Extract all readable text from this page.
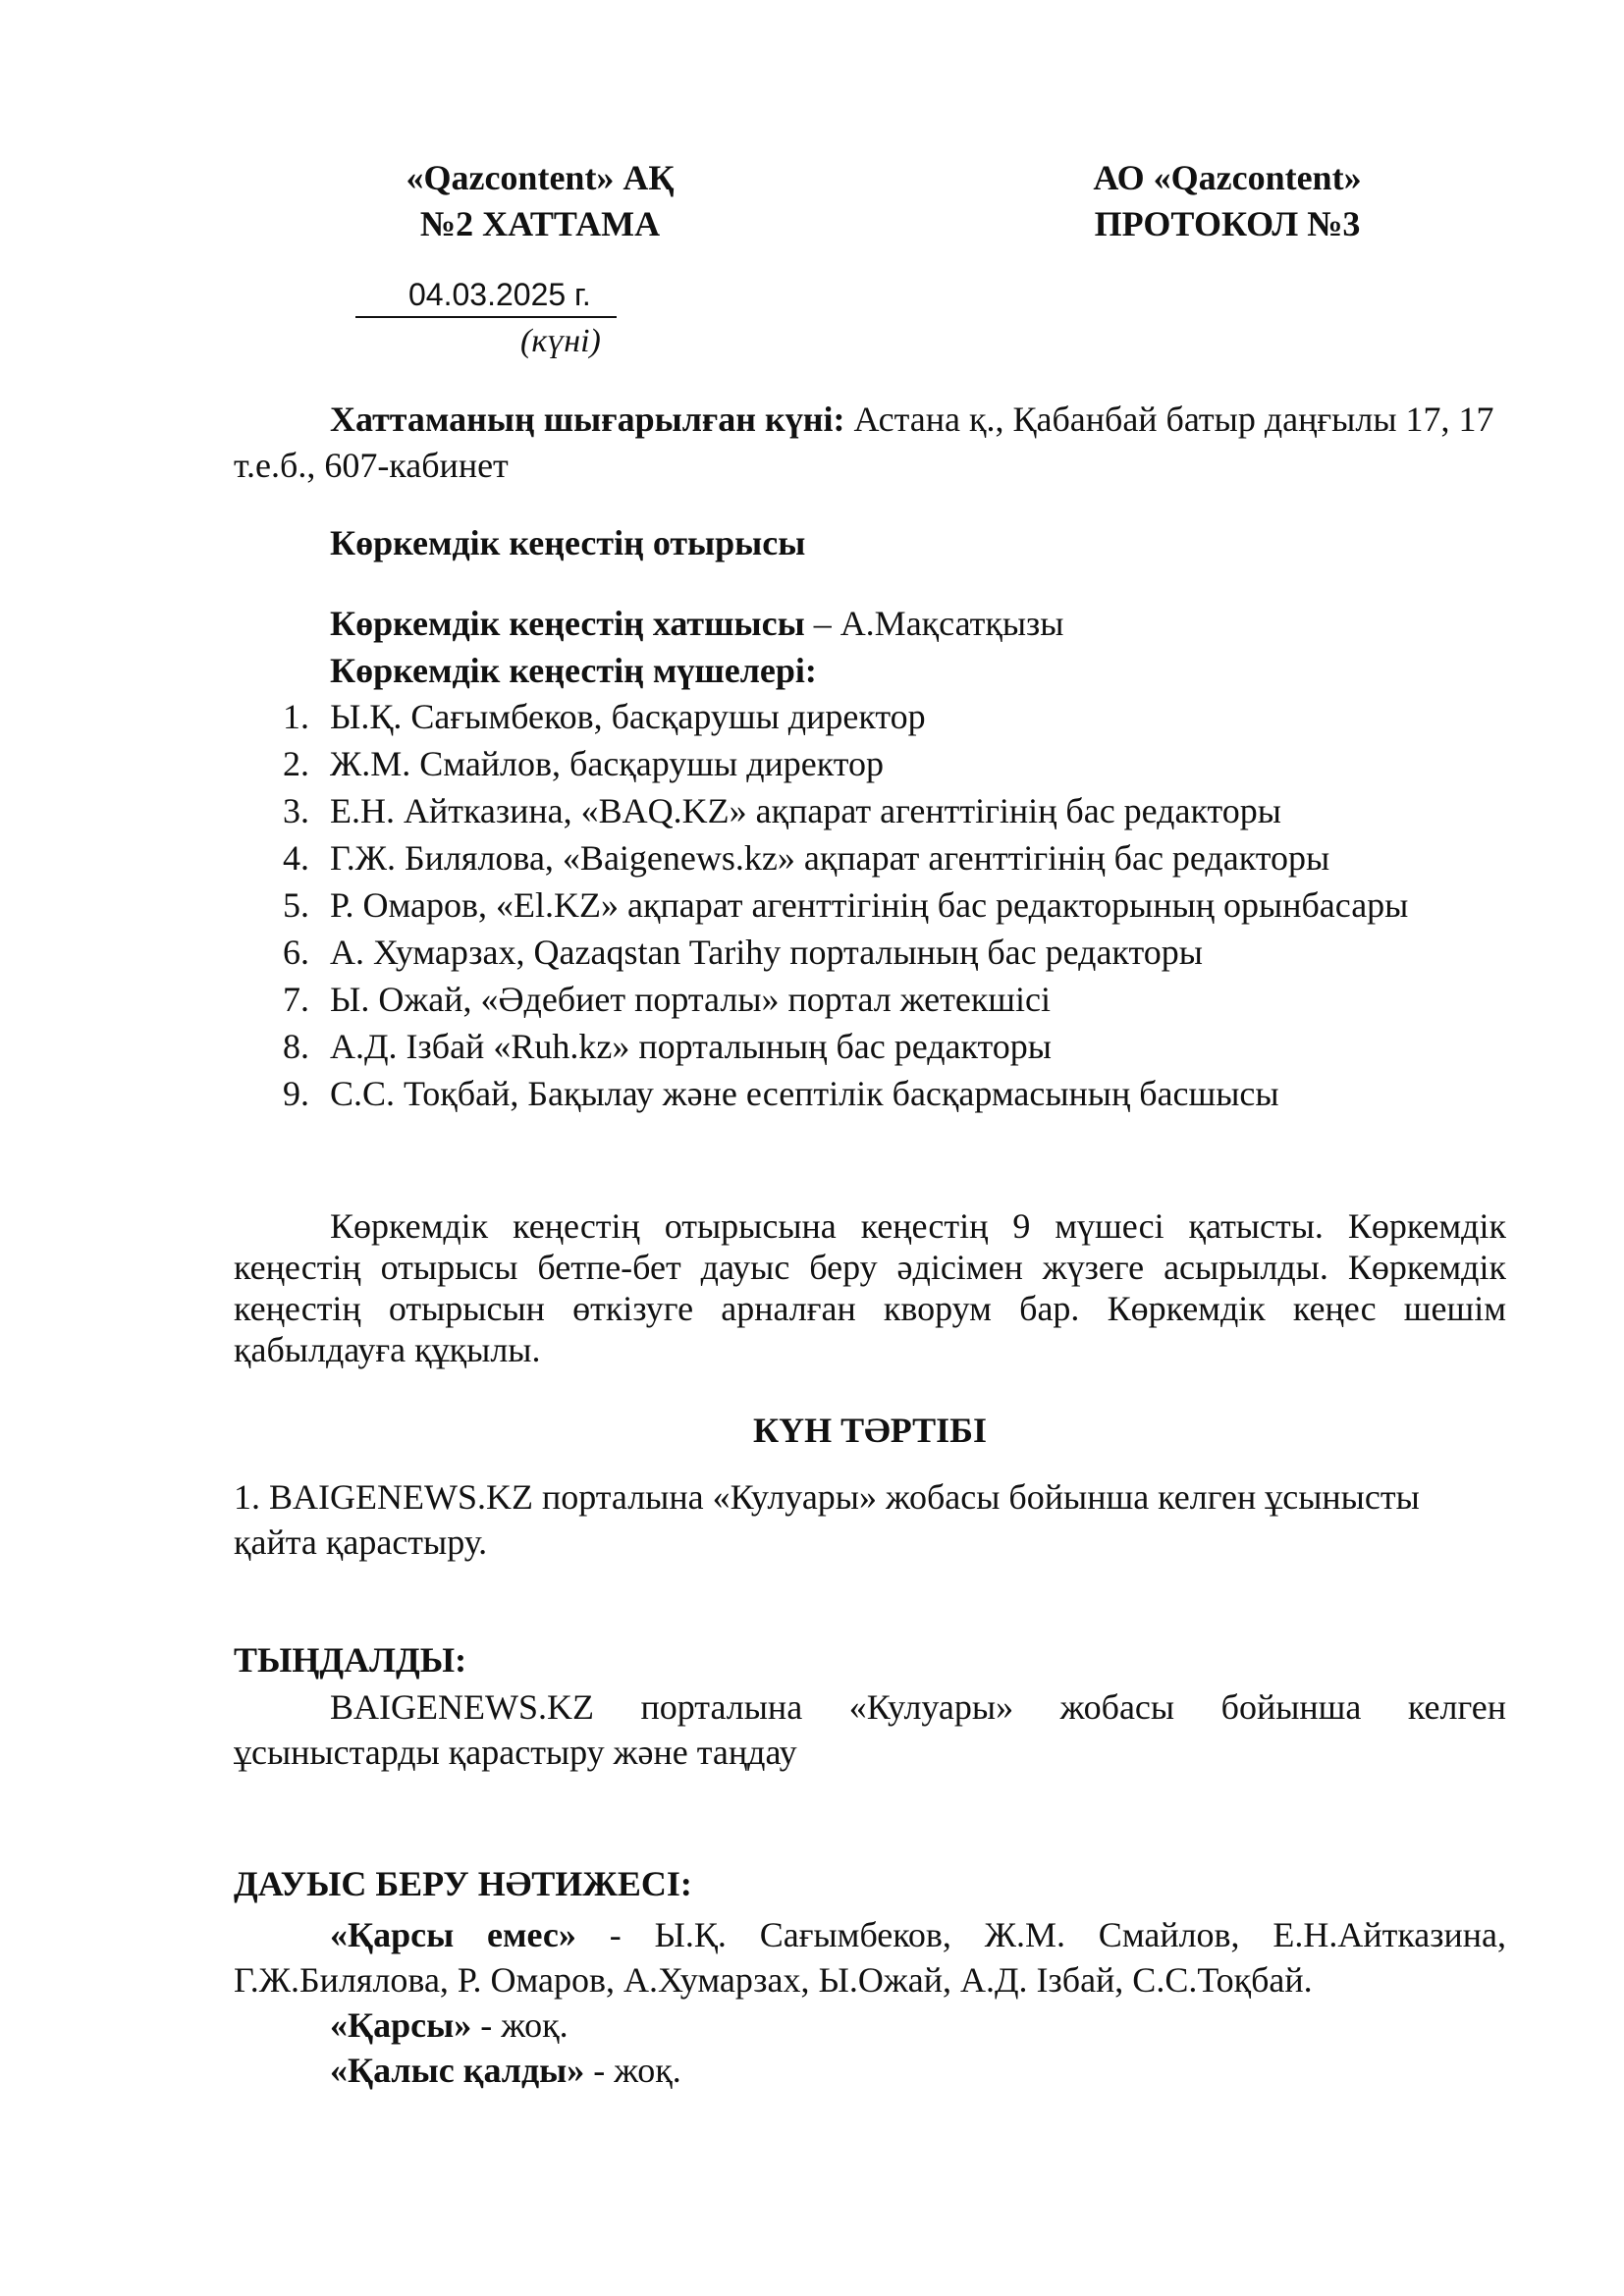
«Qazcontent» АҚ
№2 ХАТТАМА
АО «Qazcontent»
ПРОТОКОЛ №3
04.03.2025 г.
(күні)
Хаттаманың шығарылған күні: Астана қ., Қабанбай батыр даңғылы 17, 17
т.е.б., 607-кабинет
Көркемдік кеңестің отырысы
Көркемдік кеңестің хатшысы – А.Мақсатқызы
Көркемдік кеңестің мүшелері:
1. Ы.Қ. Сағымбеков, басқарушы директор
2. Ж.М. Смайлов, басқарушы директор
3. Е.Н. Айтказина, «BAQ.KZ» ақпарат агенттігінің бас редакторы
4. Г.Ж. Билялова, «Baigenews.kz» ақпарат агенттігінің бас редакторы
5. Р. Омаров, «El.KZ» ақпарат агенттігінің бас редакторының орынбасары
6. А. Хумарзах, Qazaqstan Tarihy порталының бас редакторы
7. Ы. Ожай, «Әдебиет порталы» портал жетекшісі
8. А.Д. Ізбай «Ruh.kz» порталының бас редакторы
9. С.С. Тоқбай, Бақылау және есептілік басқармасының басшысы
Көркемдік кеңестің отырысына кеңестің 9 мүшесі қатысты. Көркемдік
кеңестің отырысы бетпе-бет дауыс беру әдісімен жүзеге асырылды. Көркемдік
кеңестің отырысын өткізуге арналған кворум бар. Көркемдік кеңес шешім
қабылдауға құқылы.
КҮН ТӘРТІБІ
1. BAIGENEWS.KZ порталына «Кулуары» жобасы бойынша келген ұсынысты
қайта қарастыру.
ТЫҢДАЛДЫ:
BAIGENEWS.KZ порталына «Кулуары» жобасы бойынша келген
ұсыныстарды қарастыру және таңдау
ДАУЫС БЕРУ НӘТИЖЕСІ:
«Қарсы емес» - Ы.Қ. Сағымбеков, Ж.М. Смайлов, Е.Н.Айтказина,
Г.Ж.Билялова, Р. Омаров, А.Хумарзах, Ы.Ожай, А.Д. Ізбай, С.С.Тоқбай.
«Қарсы» - жоқ.
«Қалыс қалды» - жоқ.
